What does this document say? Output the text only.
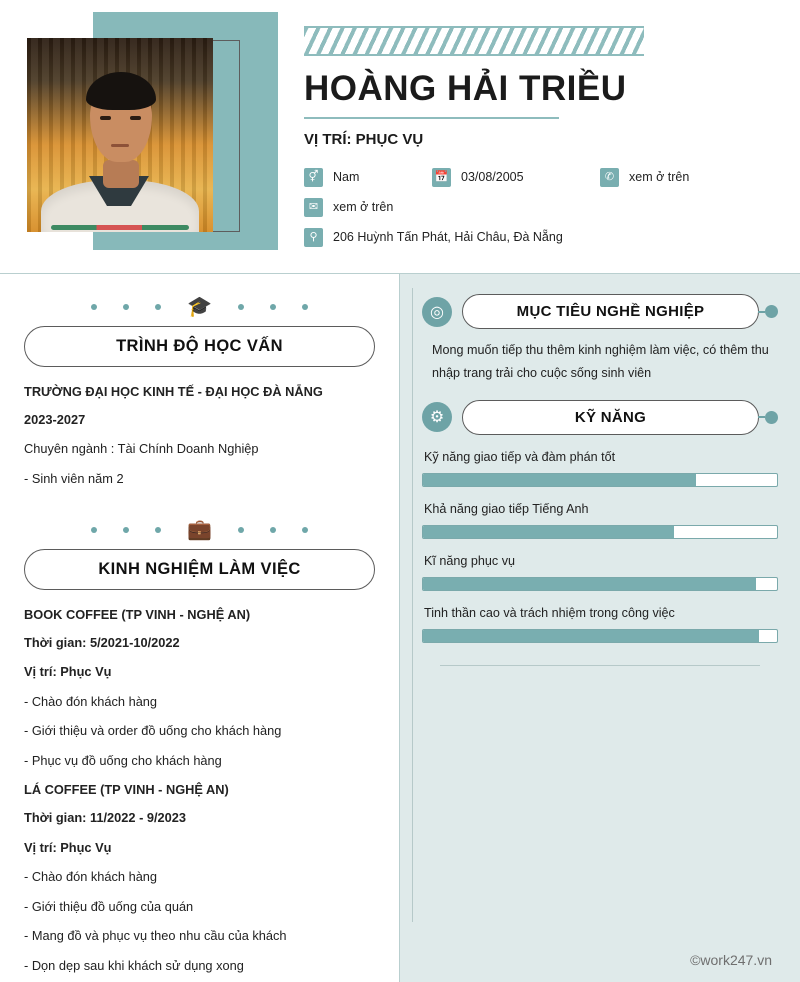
HOÀNG HẢI TRIỀU
VỊ TRÍ: PHỤC VỤ
⚥	Nam	📅 03/08/2005	✆	xem ở trên
✉	xem ở trên
⚲	206 Huỳnh Tấn Phát, Hải Châu, Đà Nẵng
🎓
TRÌNH ĐỘ HỌC VẤN
TRƯỜNG ĐẠI HỌC KINH TẾ - ĐẠI HỌC ĐÀ NẴNG
2023-2027
Chuyên ngành : Tài Chính Doanh Nghiệp
- Sinh viên năm 2
💼
KINH NGHIỆM LÀM VIỆC
BOOK COFFEE (TP VINH - NGHỆ AN)
Thời gian: 5/2021-10/2022
Vị trí: Phục Vụ
- Chào đón khách hàng
- Giới thiệu và order đồ uống cho khách hàng
- Phục vụ đồ uống cho khách hàng
LÁ COFFEE (TP VINH - NGHỆ AN)
Thời gian: 11/2022 - 9/2023
Vị trí: Phục Vụ
- Chào đón khách hàng
- Giới thiệu đồ uống của quán
- Mang đồ và phục vụ theo nhu cầu của khách
- Dọn dẹp sau khi khách sử dụng xong
◎	MỤC TIÊU NGHỀ NGHIỆP
Mong muốn tiếp thu thêm kinh nghiệm làm việc, có thêm thu nhập trang trải cho cuộc sống sinh viên
⚙	KỸ NĂNG
Kỹ năng giao tiếp và đàm phán tốt
Khả năng giao tiếp Tiếng Anh
Kĩ năng phục vụ
Tinh thần cao và trách nhiệm trong công việc
©work247.vn
